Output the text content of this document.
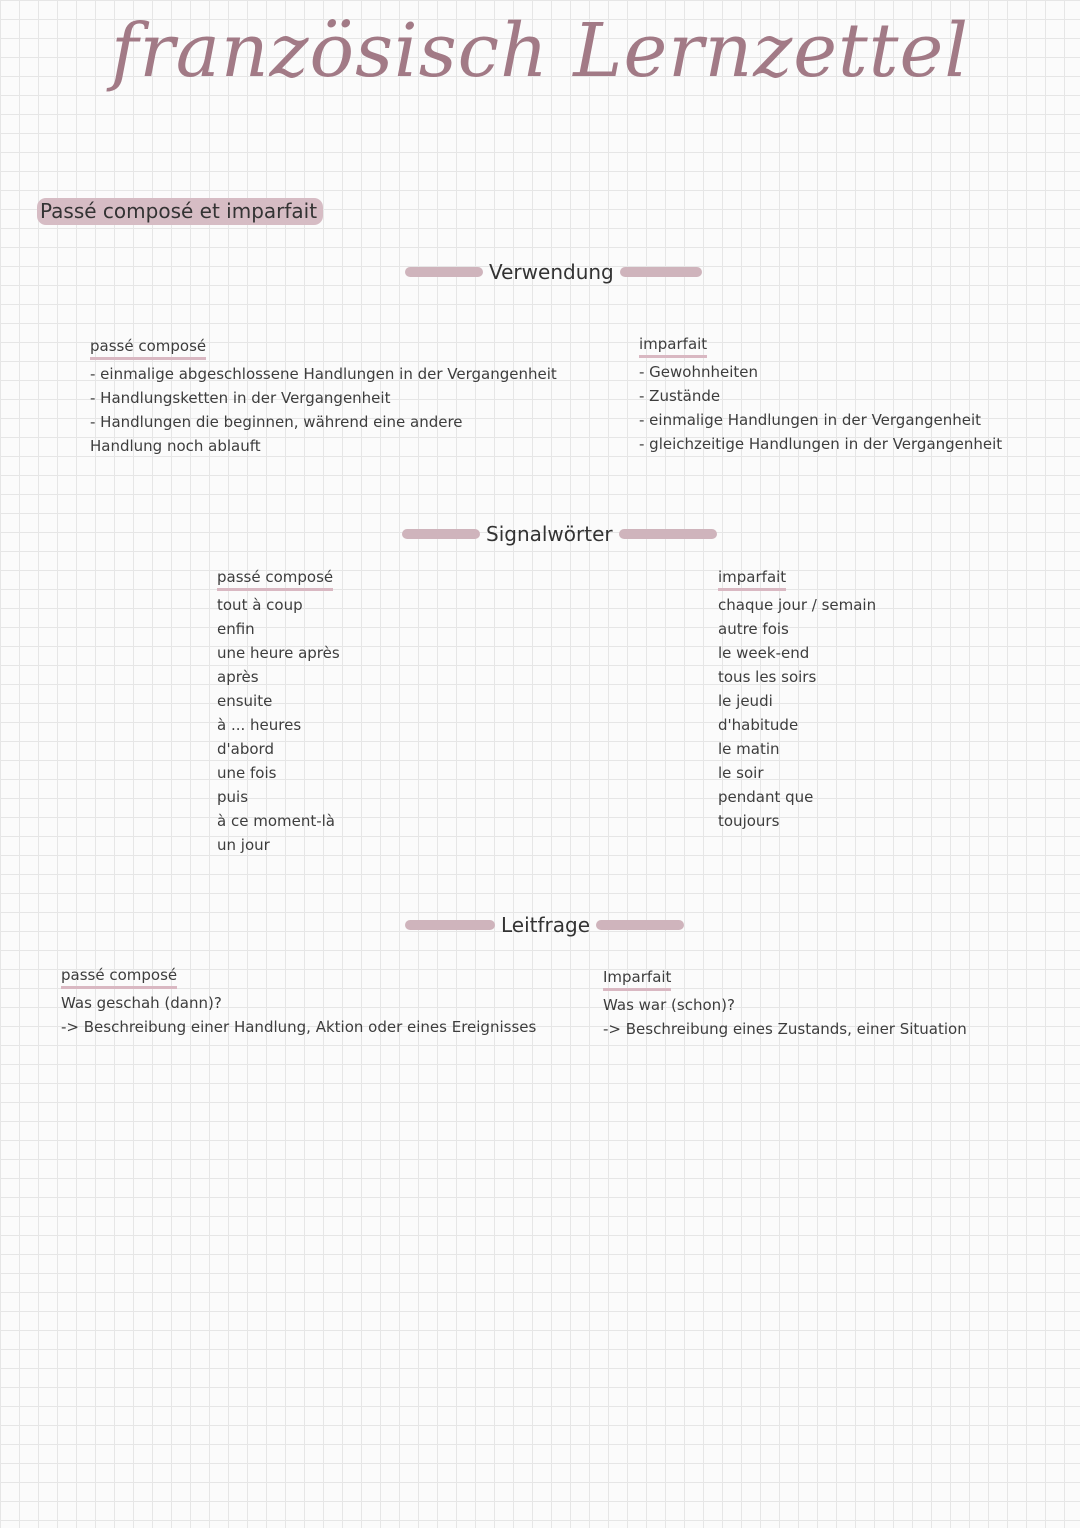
französisch Lernzettel
Passé composé et imparfait
Verwendung
passé composé
- einmalige abgeschlossene Handlungen in der Vergangenheit
- Handlungsketten in der Vergangenheit
- Handlungen die beginnen, während eine andere Handlung noch ablauft
imparfait
- Gewohnheiten
- Zustände
- einmalige Handlungen in der Vergangenheit
- gleichzeitige Handlungen in der Vergangenheit
Signalwörter
passé composé
tout à coup
enfin
une heure après
après
ensuite
à ... heures
d'abord
une fois
puis
à ce moment-là
un jour
imparfait
chaque jour / semain
autre fois
le week-end
tous les soirs
le jeudi
d'habitude
le matin
le soir
pendant que
toujours
Leitfrage
passé composé
Was geschah (dann)?
-> Beschreibung einer Handlung, Aktion oder eines Ereignisses
Imparfait
Was war (schon)?
-> Beschreibung eines Zustands, einer Situation
